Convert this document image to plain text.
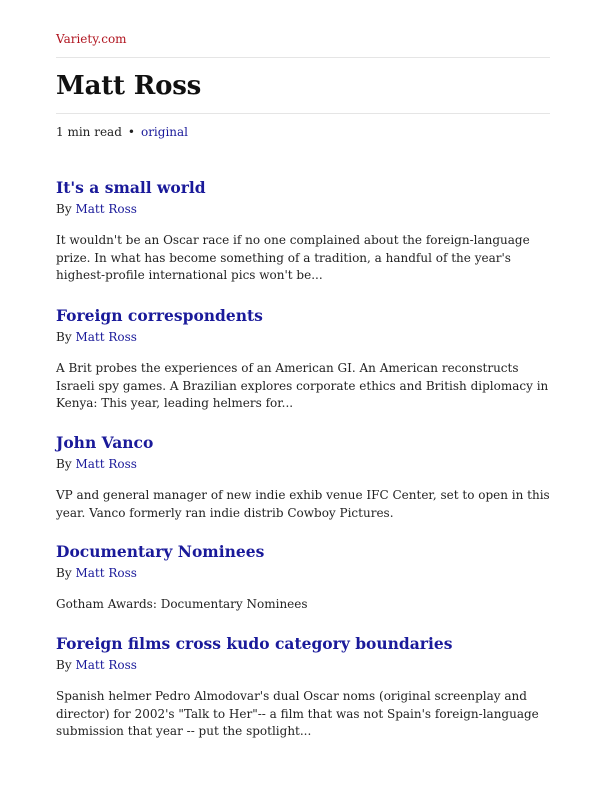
Variety.com
Matt Ross
1 min read • original
It's a small world
By Matt Ross
It wouldn't be an Oscar race if no one complained about the foreign-language prize. In what has become something of a tradition, a handful of the year's highest-profile international pics won't be...
Foreign correspondents
By Matt Ross
A Brit probes the experiences of an American GI. An American reconstructs Israeli spy games. A Brazilian explores corporate ethics and British diplomacy in Kenya: This year, leading helmers for...
John Vanco
By Matt Ross
VP and general manager of new indie exhib venue IFC Center, set to open in this year. Vanco formerly ran indie distrib Cowboy Pictures.
Documentary Nominees
By Matt Ross
Gotham Awards: Documentary Nominees
Foreign films cross kudo category boundaries
By Matt Ross
Spanish helmer Pedro Almodovar's dual Oscar noms (original screenplay and director) for 2002's "Talk to Her"-- a film that was not Spain's foreign-language submission that year -- put the spotlight...
